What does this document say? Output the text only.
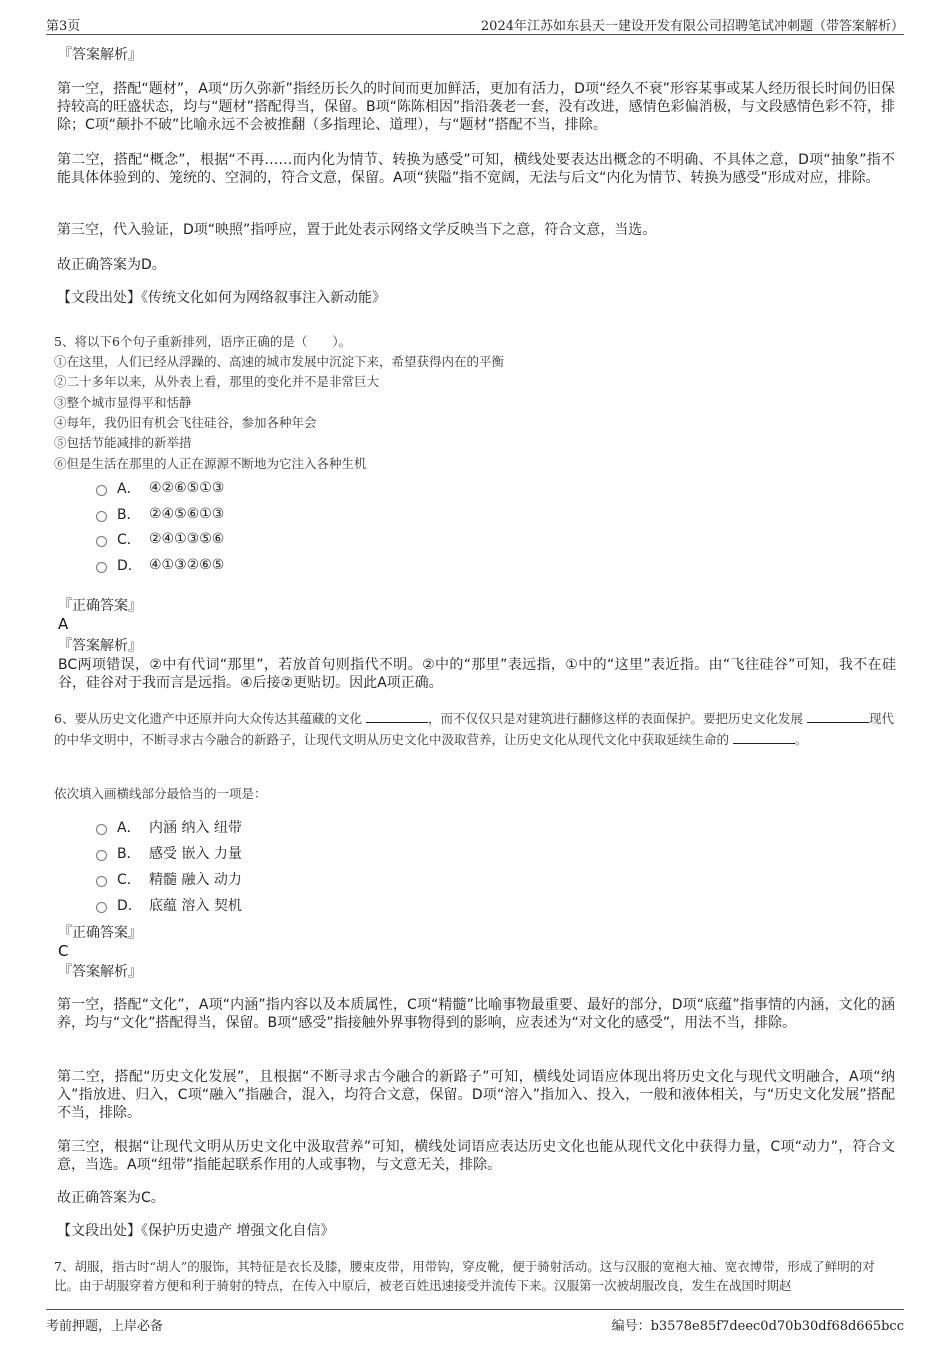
第3页	2024年江苏如东县天一建设开发有限公司招聘笔试冲刺题（带答案解析）
『答案解析』
第一空，搭配“题材”，A项“历久弥新”指经历长久的时间而更加鲜活，更加有活力，D项“经久不衰”形容某事或某人经历很长时间仍旧保持较高的旺盛状态，均与“题材”搭配得当，保留。B项“陈陈相因”指沿袭老一套，没有改进，感情色彩偏消极，与文段感情色彩不符，排除；C项“颠扑不破”比喻永远不会被推翻（多指理论、道理），与“题材”搭配不当，排除。
第二空，搭配“概念”，根据“不再……而内化为情节、转换为感受”可知，横线处要表达出概念的不明确、不具体之意，D项“抽象”指不能具体体验到的、笼统的、空洞的，符合文意，保留。A项“狭隘”指不宽阔，无法与后文“内化为情节、转换为感受”形成对应，排除。
第三空，代入验证，D项“映照”指呼应，置于此处表示网络文学反映当下之意，符合文意，当选。
故正确答案为D。
【文段出处】《传统文化如何为网络叙事注入新动能》
5、将以下6个句子重新排列，语序正确的是（　　）。
①在这里，人们已经从浮躁的、高速的城市发展中沉淀下来，希望获得内在的平衡
②二十多年以来，从外表上看，那里的变化并不是非常巨大
③整个城市显得平和恬静
④每年，我仍旧有机会飞往硅谷，参加各种年会
⑤包括节能减排的新举措
⑥但是生活在那里的人正在源源不断地为它注入各种生机
A． ④②⑥⑤①③
B． ②④⑤⑥①③
C． ②④①③⑤⑥
D． ④①③②⑥⑤
『正确答案』
A
『答案解析』
BC两项错误，②中有代词“那里”，若放首句则指代不明。②中的“那里”表远指，①中的“这里”表近指。由“飞往硅谷”可知，我不在硅谷，硅谷对于我而言是远指。④后接②更贴切。因此A项正确。
6、要从历史文化遗产中还原并向大众传达其蕴藏的文化	，而不仅仅只是对建筑进行翻修这样的表面保护。要把历史文化发展	现代的中华文明中，不断寻求古今融合的新路子，让现代文明从历史文化中汲取营养，让历史文化从现代文化中获取延续生命的	。
依次填入画横线部分最恰当的一项是：
A． 内涵 纳入 纽带
B． 感受 嵌入 力量
C． 精髓 融入 动力
D． 底蕴 溶入 契机
『正确答案』
C
『答案解析』
第一空，搭配“文化”，A项“内涵”指内容以及本质属性，C项“精髓”比喻事物最重要、最好的部分，D项“底蕴”指事情的内涵，文化的涵养，均与“文化”搭配得当，保留。B项“感受”指接触外界事物得到的影响，应表述为“对文化的感受”，用法不当，排除。
第二空，搭配“历史文化发展”，且根据“不断寻求古今融合的新路子”可知，横线处词语应体现出将历史文化与现代文明融合，A项“纳入”指放进、归入，C项“融入”指融合，混入，均符合文意，保留。D项“溶入”指加入、投入，一般和液体相关，与“历史文化发展”搭配不当，排除。
第三空，根据“让现代文明从历史文化中汲取营养”可知，横线处词语应表达历史文化也能从现代文化中获得力量，C项“动力”，符合文意，当选。A项“纽带”指能起联系作用的人或事物，与文意无关，排除。
故正确答案为C。
【文段出处】《保护历史遗产 增强文化自信》
7、胡服，指古时“胡人”的服饰，其特征是衣长及膝，腰束皮带，用带钩，穿皮靴，便于骑射活动。这与汉服的宽袍大袖、宽衣博带，形成了鲜明的对比。由于胡服穿着方便和利于骑射的特点，在传入中原后，被老百姓迅速接受并流传下来。汉服第一次被胡服改良，发生在战国时期赵
考前押题，上岸必备	编号：b3578e85f7deec0d70b30df68d665bcc
